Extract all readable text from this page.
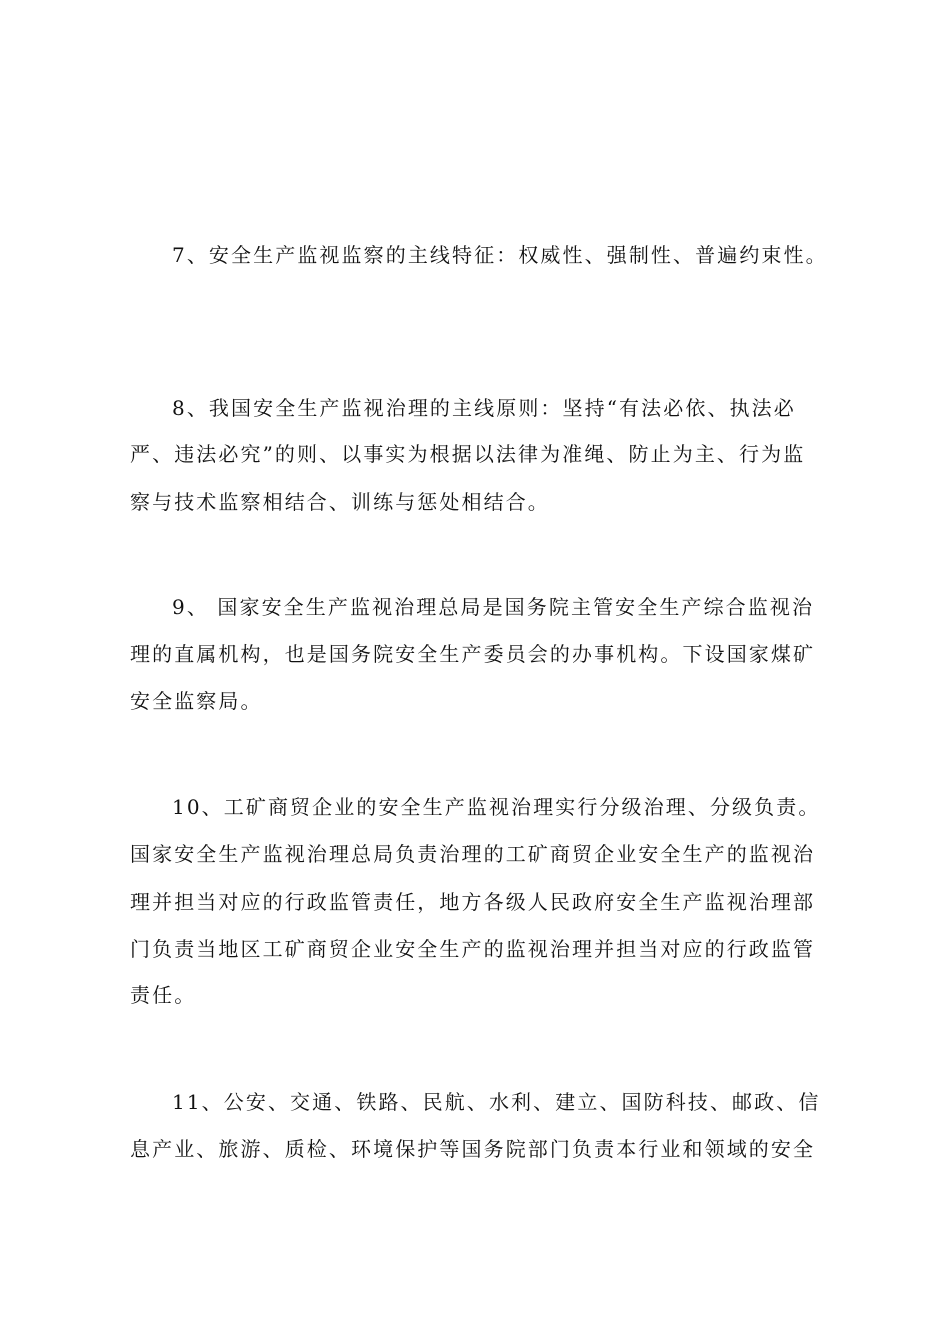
7、安全生产监视监察的主线特征：权威性、强制性、普遍约束性。
8、我国安全生产监视治理的主线原则：坚持“有法必依、执法必
严、违法必究”的则、以事实为根据以法律为准绳、防止为主、行为监
察与技术监察相结合、训练与惩处相结合。
9、 国家安全生产监视治理总局是国务院主管安全生产综合监视治
理的直属机构，也是国务院安全生产委员会的办事机构。下设国家煤矿
安全监察局。
10、工矿商贸企业的安全生产监视治理实行分级治理、分级负责。
国家安全生产监视治理总局负责治理的工矿商贸企业安全生产的监视治
理并担当对应的行政监管责任，地方各级人民政府安全生产监视治理部
门负责当地区工矿商贸企业安全生产的监视治理并担当对应的行政监管
责任。
11、公安、交通、铁路、民航、水利、建立、国防科技、邮政、信
息产业、旅游、质检、环境保护等国务院部门负责本行业和领域的安全
